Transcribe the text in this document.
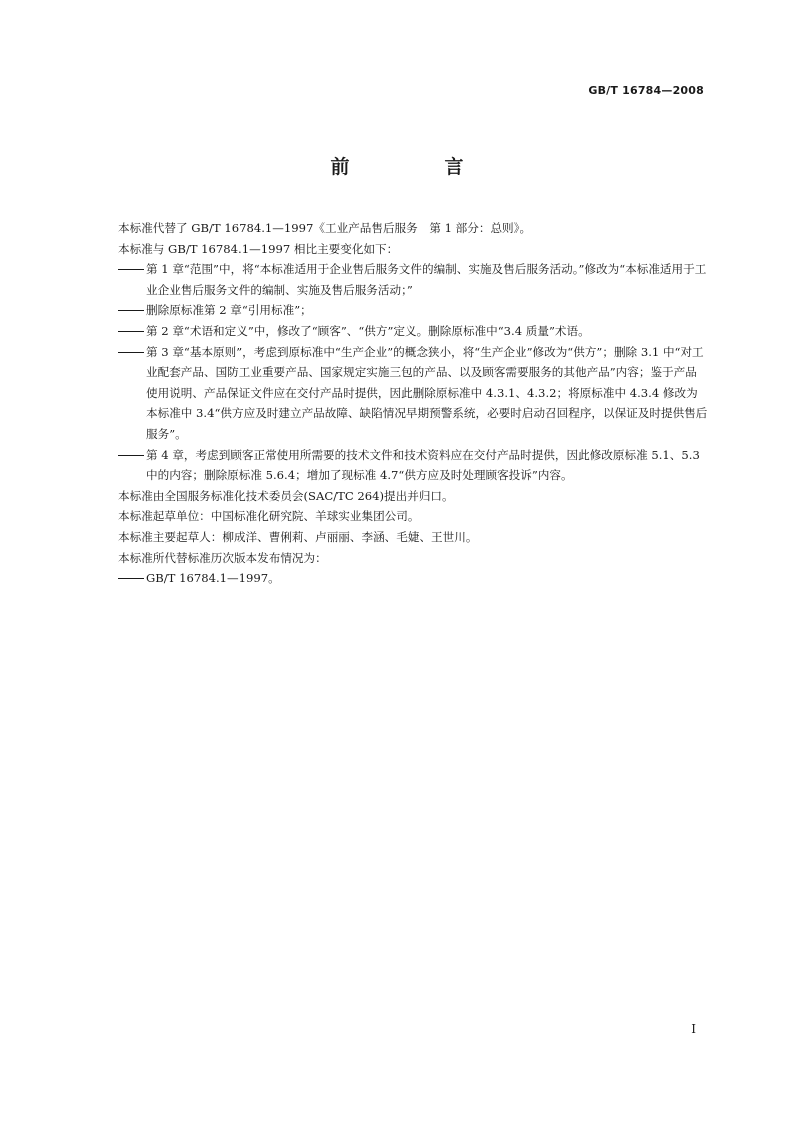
GB/T 16784—2008
前　言

本标准代替了 GB/T 16784.1—1997《工业产品售后服务　第 1 部分：总则》。

本标准与 GB/T 16784.1—1997 相比主要变化如下：

第 1 章“范围”中，将“本标准适用于企业售后服务文件的编制、实施及售后服务活动。”修改为“本标准适用于工业企业售后服务文件的编制、实施及售后服务活动；”
删除原标准第 2 章“引用标准”；
第 2 章“术语和定义”中，修改了“顾客”、“供方”定义。删除原标准中“3.4 质量”术语。
第 3 章“基本原则”，考虑到原标准中“生产企业”的概念狭小，将“生产企业”修改为“供方”；删除 3.1 中“对工业配套产品、国防工业重要产品、国家规定实施三包的产品、以及顾客需要服务的其他产品”内容；鉴于产品使用说明、产品保证文件应在交付产品时提供，因此删除原标准中 4.3.1、4.3.2；将原标准中 4.3.4 修改为本标准中 3.4“供方应及时建立产品故障、缺陷情况早期预警系统，必要时启动召回程序，以保证及时提供售后服务”。
第 4 章，考虑到顾客正常使用所需要的技术文件和技术资料应在交付产品时提供，因此修改原标准 5.1、5.3 中的内容；删除原标准 5.6.4；增加了现标准 4.7“供方应及时处理顾客投诉”内容。

本标准由全国服务标准化技术委员会(SAC/TC 264)提出并归口。

本标准起草单位：中国标准化研究院、羊球实业集团公司。

本标准主要起草人：柳成洋、曹俐莉、卢丽丽、李涵、毛婕、王世川。

本标准所代替标准历次版本发布情况为：

GB/T 16784.1—1997。
I
